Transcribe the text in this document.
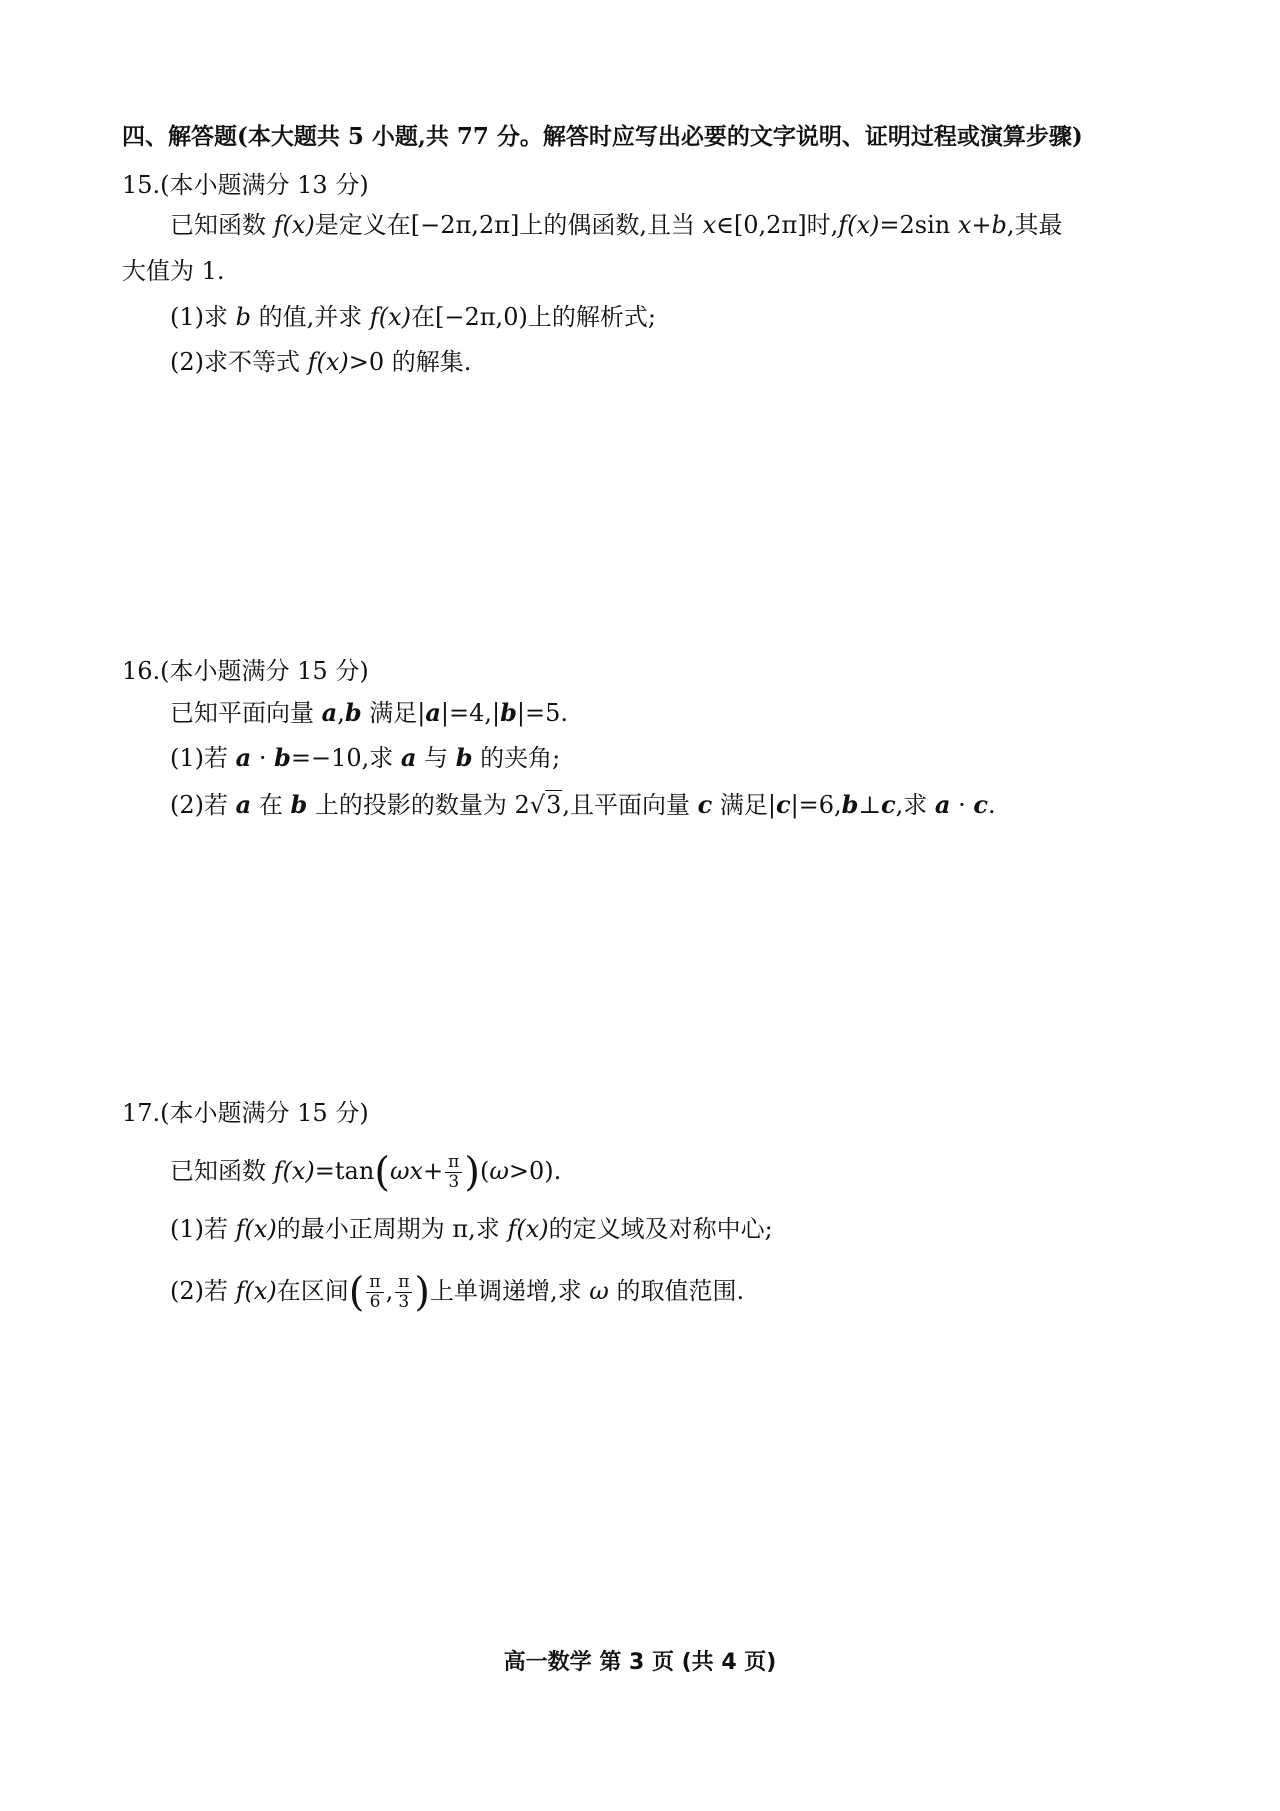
四、解答题(本大题共 5 小题,共 77 分。解答时应写出必要的文字说明、证明过程或演算步骤)
15.(本小题满分 13 分)
已知函数 f(x)是定义在[−2π,2π]上的偶函数,且当 x∈[0,2π]时,f(x)=2sin x+b,其最
大值为 1.
(1)求 b 的值,并求 f(x)在[−2π,0)上的解析式;
(2)求不等式 f(x)>0 的解集.
16.(本小题满分 15 分)
已知平面向量 a,b 满足|a|=4,|b|=5.
(1)若 a · b=−10,求 a 与 b 的夹角;
(2)若 a 在 b 上的投影的数量为 2√3,且平面向量 c 满足|c|=6,b⊥c,求 a · c.
17.(本小题满分 15 分)
已知函数 $f(x)=\tan(\omega x+ \frac{\pi}{3} )(\omega>0)$.
(1)若 f(x)的最小正周期为 π,求 f(x)的定义域及对称中心;
(2)若 f(x)在区间( $\frac{\pi}{6}$ , $\frac{\pi}{3}$ )上单调递增,求 ω 的取值范围.
高一数学 第 3 页 (共 4 页)
